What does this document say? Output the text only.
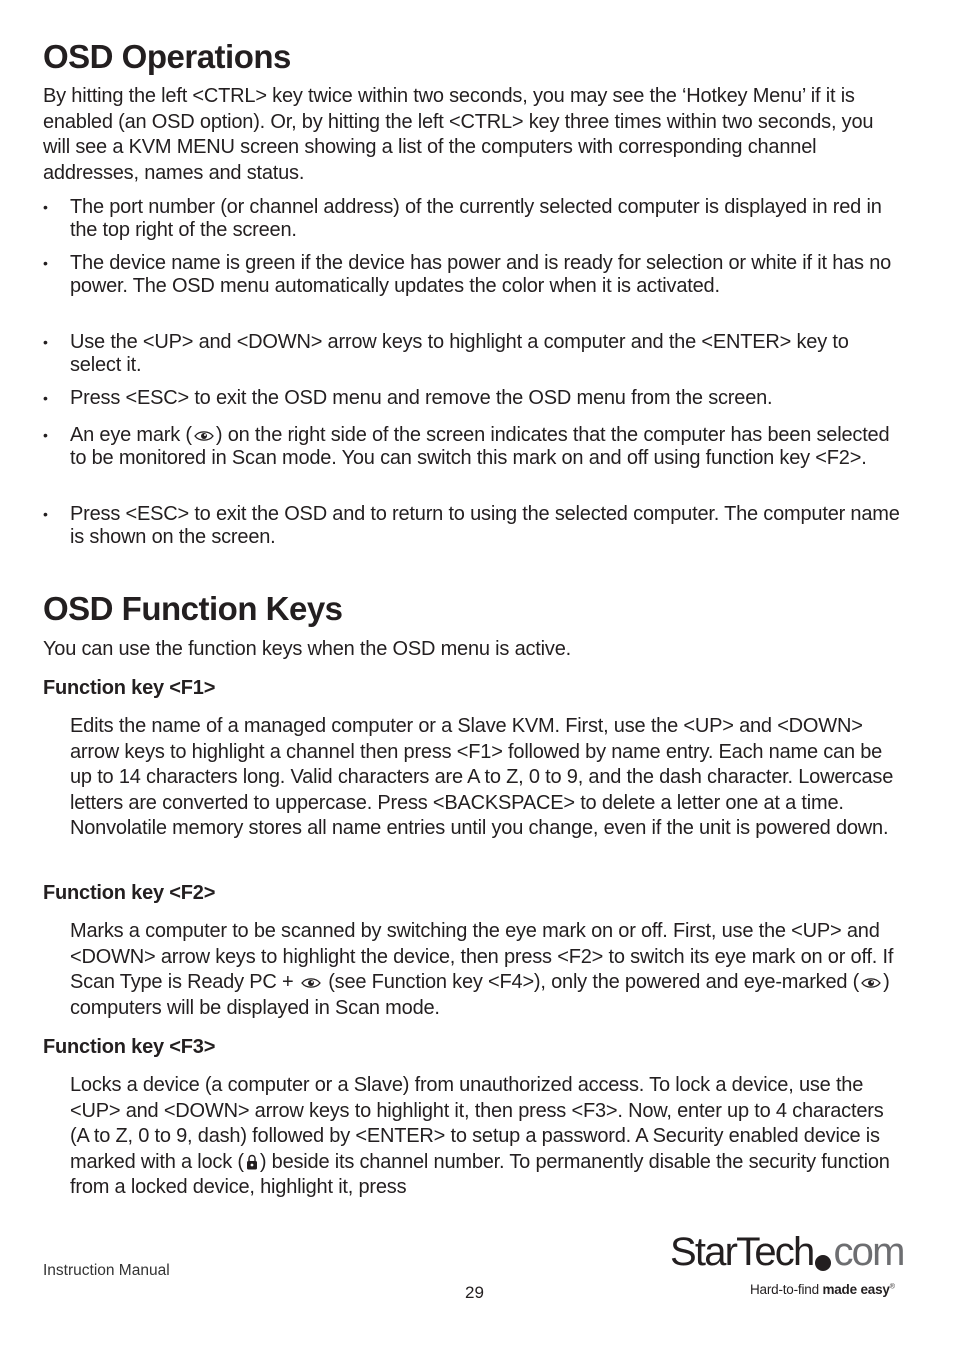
OSD Operations

By hitting the left <CTRL> key twice within two seconds, you may see the ‘Hotkey Menu’ if it is enabled (an OSD option). Or, by hitting the left <CTRL> key three times within two seconds, you will see a KVM MENU screen showing a list of the computers with corresponding channel addresses, names and status.

• The port number (or channel address) of the currently selected computer is displayed in red in the top right of the screen.
• The device name is green if the device has power and is ready for selection or white if it has no power. The OSD menu automatically updates the color when it is activated.
• Use the <UP> and <DOWN> arrow keys to highlight a computer and the <ENTER> key to select it.
• Press <ESC> to exit the OSD menu and remove the OSD menu from the screen.
• An eye mark ( ) on the right side of the screen indicates that the computer has been selected to be monitored in Scan mode. You can switch this mark on and off using function key <F2>.
• Press <ESC> to exit the OSD and to return to using the selected computer. The computer name is shown on the screen.
OSD Function Keys

You can use the function keys when the OSD menu is active.

Function key <F1>

Edits the name of a managed computer or a Slave KVM. First, use the <UP> and <DOWN> arrow keys to highlight a channel then press <F1> followed by name entry. Each name can be up to 14 characters long. Valid characters are A to Z, 0 to 9, and the dash character. Lowercase letters are converted to uppercase. Press <BACKSPACE> to delete a letter one at a time. Nonvolatile memory stores all name entries until you change, even if the unit is powered down.

Function key <F2>

Marks a computer to be scanned by switching the eye mark on or off. First, use the <UP> and <DOWN> arrow keys to highlight the device, then press <F2> to switch its eye mark on or off. If Scan Type is Ready PC +  (see Function key <F4>), only the powered and eye-marked ( ) computers will be displayed in Scan mode.

Function key <F3>

Locks a device (a computer or a Slave) from unauthorized access. To lock a device, use the <UP> and <DOWN> arrow keys to highlight it, then press <F3>. Now, enter up to 4 characters (A to Z, 0 to 9, dash) followed by <ENTER> to setup a password. A Security enabled device is marked with a lock ( ) beside its channel number. To permanently disable the security function from a locked device, highlight it, press

Instruction Manual
29
StarTech com
Hard-to-find made easy®
